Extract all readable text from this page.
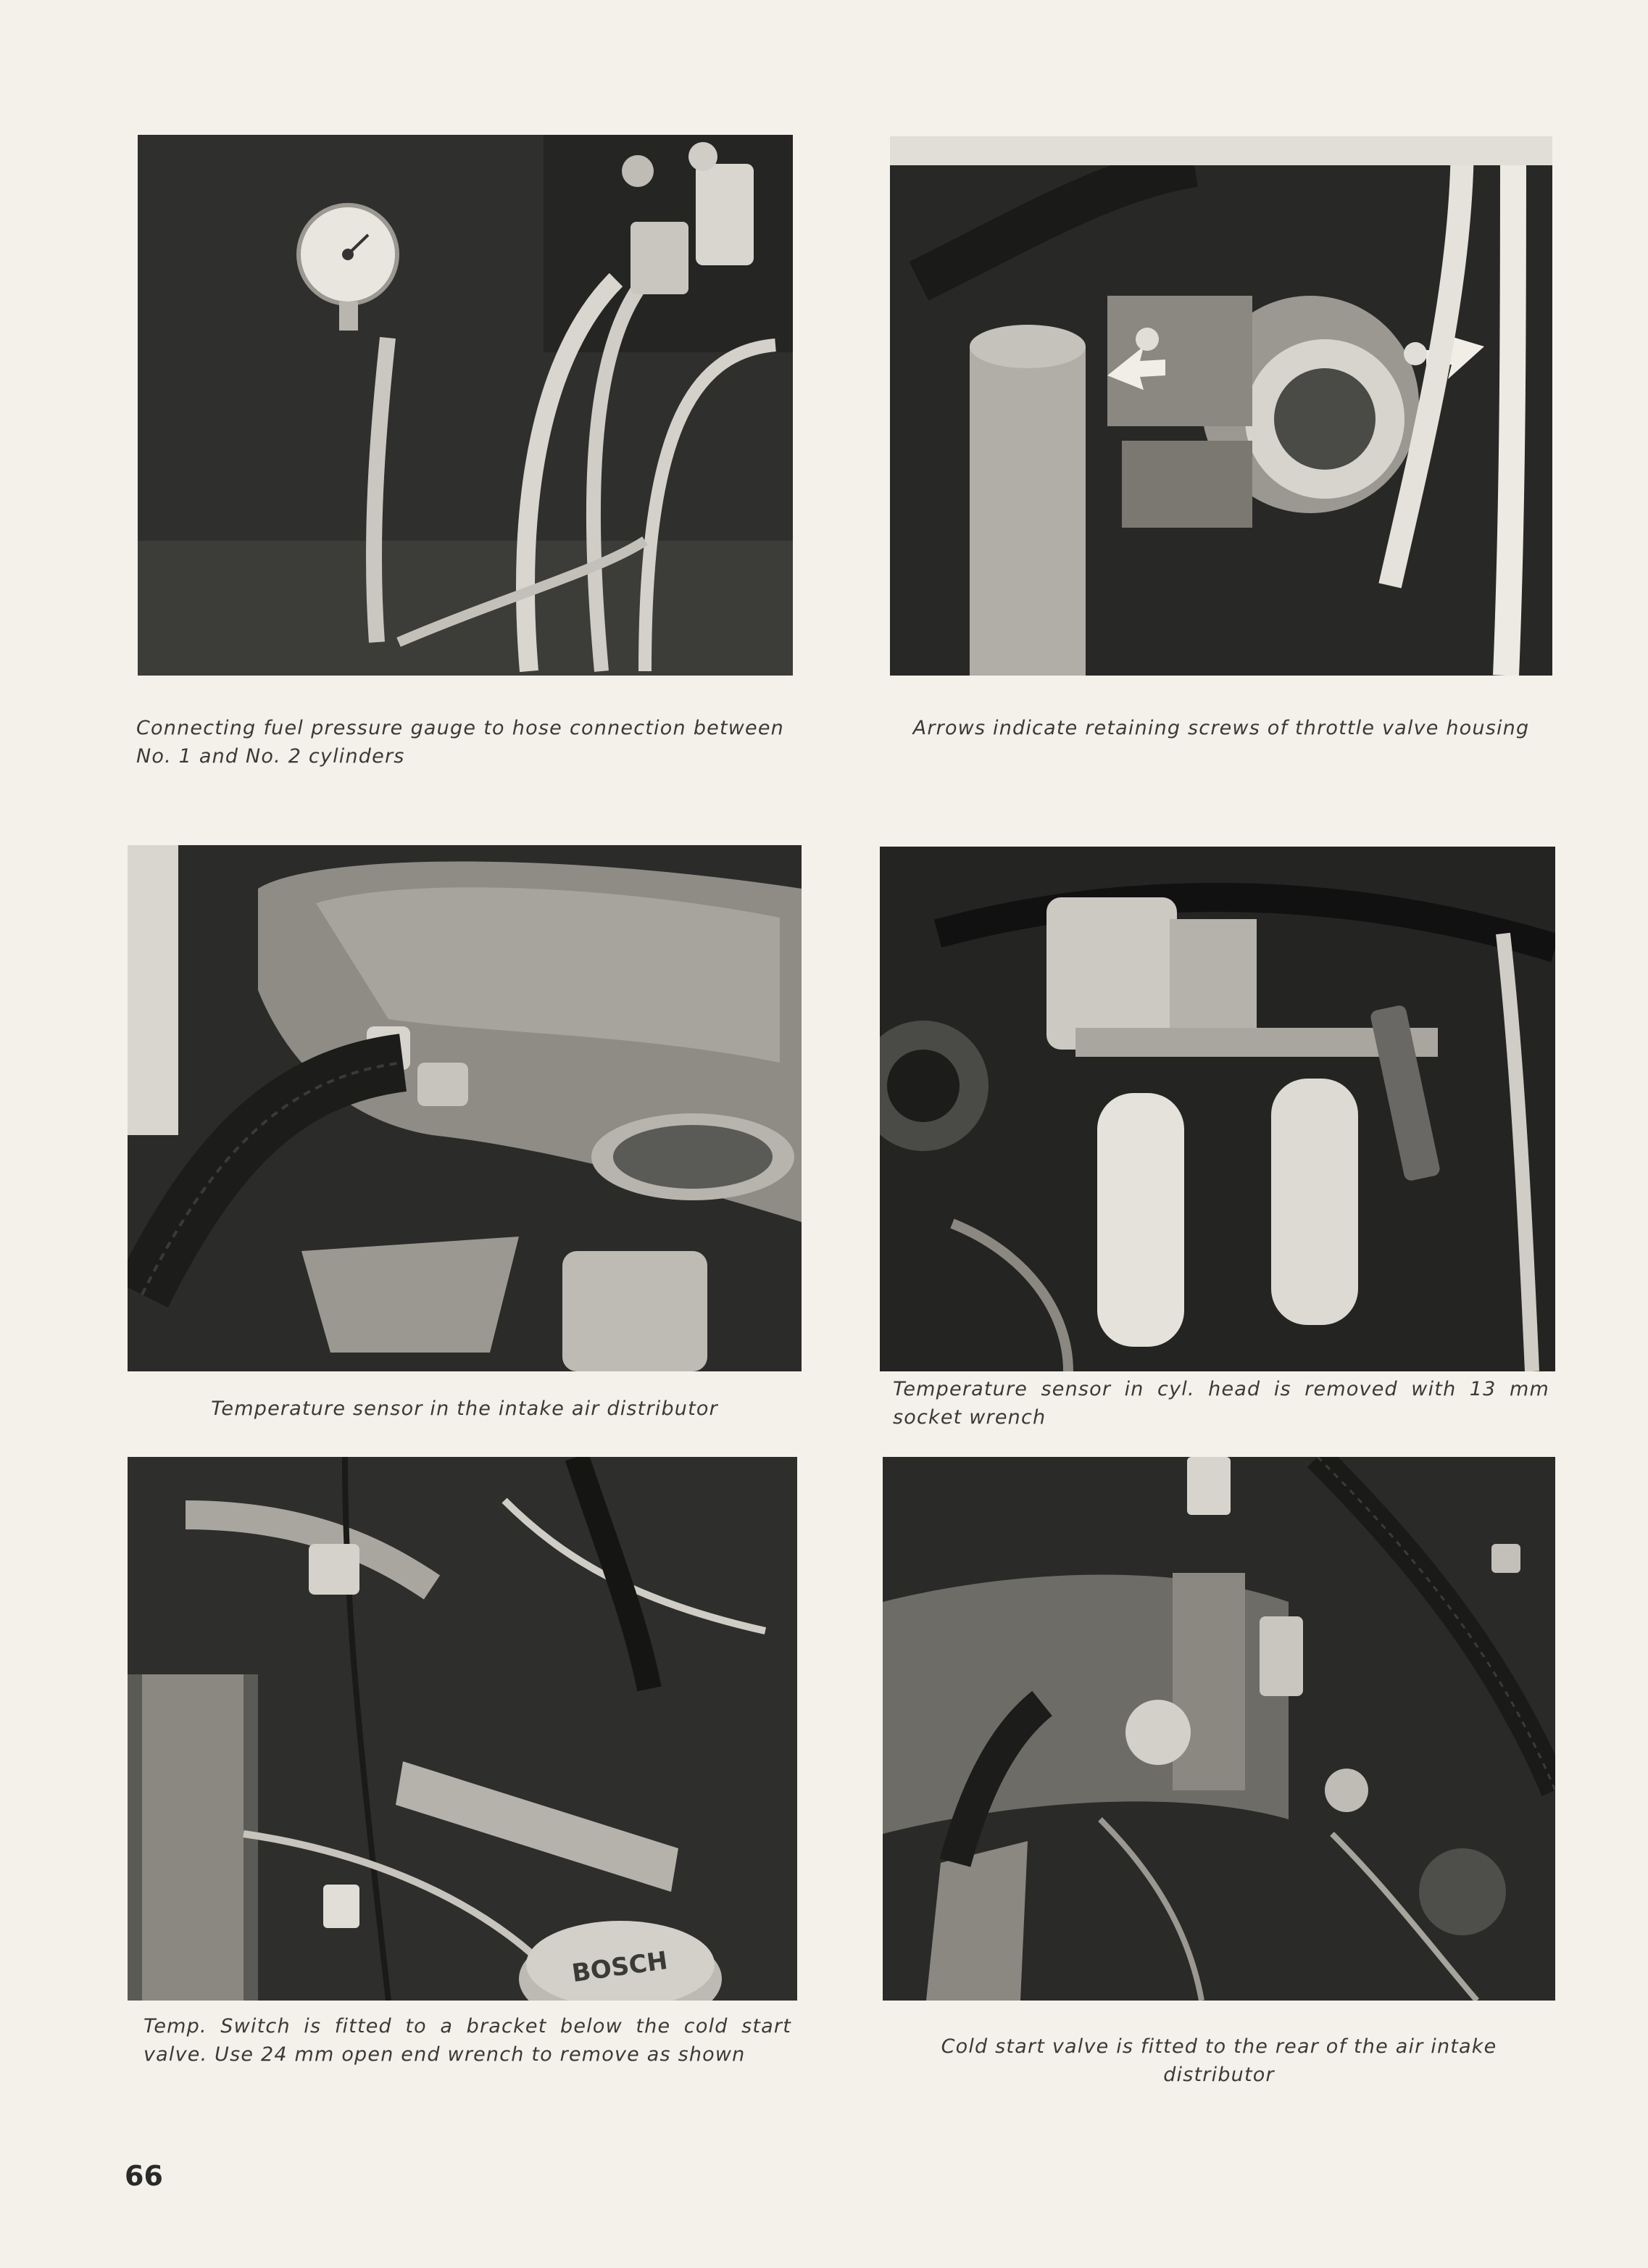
Connecting fuel pressure gauge to hose connection between No. 1 and No. 2 cylinders

Arrows indicate retaining screws of throttle valve housing

Temperature sensor in the intake air distributor

Temperature sensor in cyl. head is removed with 13 mm socket wrench

BOSCH

Temp. Switch is fitted to a bracket below the cold start valve. Use 24 mm open end wrench to remove as shown	Cold start valve is fitted to the rear of the air intake distributor

66
